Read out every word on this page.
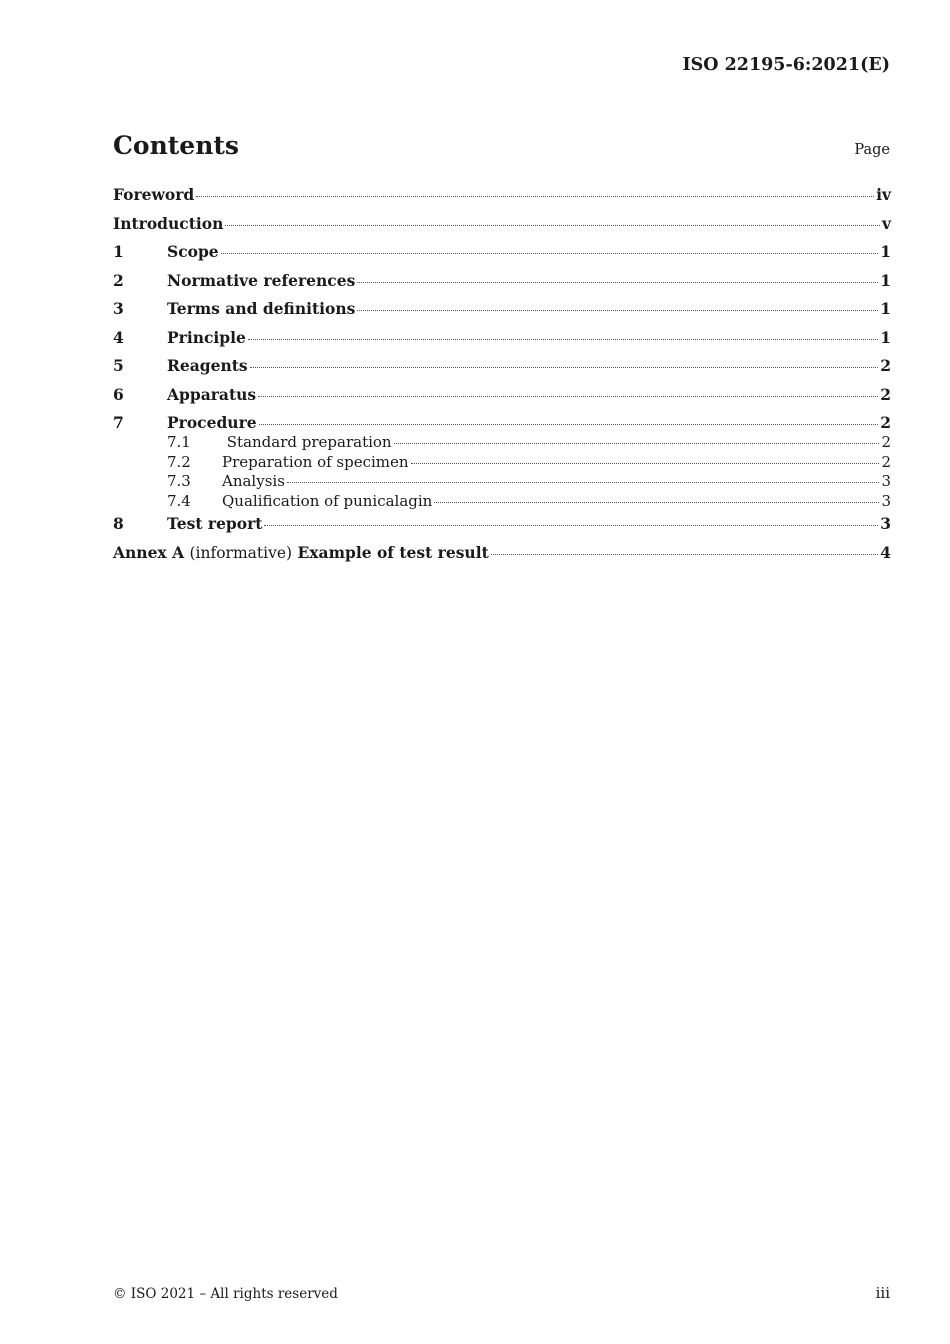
ISO 22195-6:2021(E)
Contents	Page
Foreword	iv
Introduction	v
1	Scope	1
2	Normative references	1
3	Terms and definitions	1
4	Principle	1
5	Reagents	2
6	Apparatus	2
7	Procedure	2
7.1	Standard preparation	2
7.2	Preparation of specimen	2
7.3	Analysis	3
7.4	Qualification of punicalagin	3
8	Test report	3
Annex A (informative) Example of test result	4
© ISO 2021 – All rights reserved	iii
